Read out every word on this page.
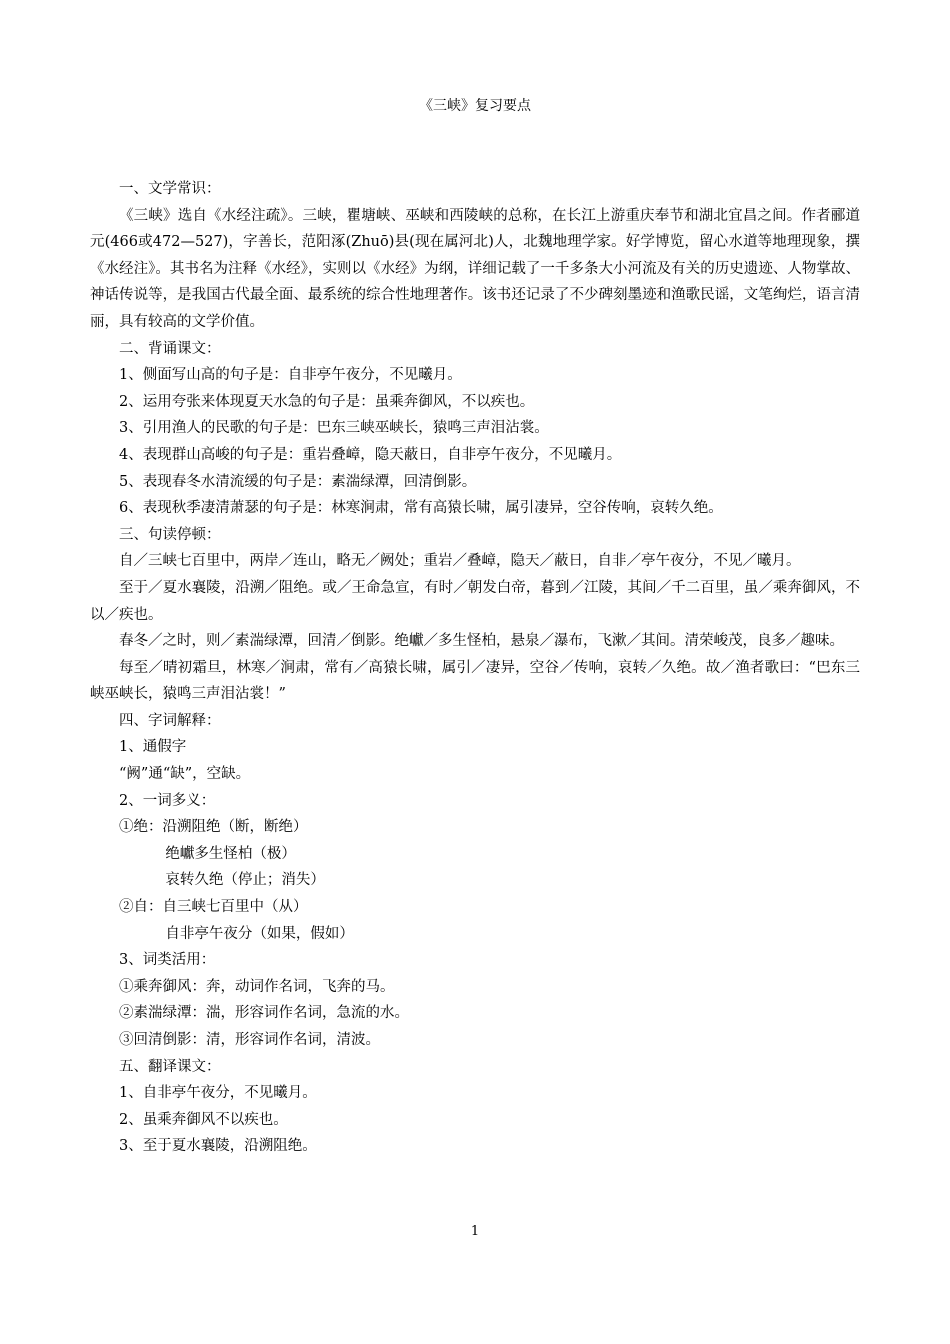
《三峡》复习要点

一、文学常识：

《三峡》选自《水经注疏》。三峡，瞿塘峡、巫峡和西陵峡的总称，在长江上游重庆奉节和湖北宜昌之间。作者郦道元(466或472—527)，字善长，范阳涿(Zhuō)县(现在属河北)人，北魏地理学家。好学博览，留心水道等地理现象，撰《水经注》。其书名为注释《水经》，实则以《水经》为纲，详细记载了一千多条大小河流及有关的历史遗迹、人物掌故、神话传说等，是我国古代最全面、最系统的综合性地理著作。该书还记录了不少碑刻墨迹和渔歌民谣，文笔绚烂，语言清丽，具有较高的文学价值。

二、背诵课文：

1、侧面写山高的句子是：自非亭午夜分，不见曦月。

2、运用夸张来体现夏天水急的句子是：虽乘奔御风，不以疾也。

3、引用渔人的民歌的句子是：巴东三峡巫峡长，猿鸣三声泪沾裳。

4、表现群山高峻的句子是：重岩叠嶂，隐天蔽日，自非亭午夜分，不见曦月。

5、表现春冬水清流缓的句子是：素湍绿潭，回清倒影。

6、表现秋季凄清萧瑟的句子是：林寒涧肃，常有高猿长啸，属引凄异，空谷传响，哀转久绝。

三、句读停顿：

自／三峡七百里中，两岸／连山，略无／阙处；重岩／叠嶂，隐天／蔽日，自非／亭午夜分，不见／曦月。

至于／夏水襄陵，沿溯／阻绝。或／王命急宣，有时／朝发白帝，暮到／江陵，其间／千二百里，虽／乘奔御风，不以／疾也。

春冬／之时，则／素湍绿潭，回清／倒影。绝巘／多生怪柏，悬泉／瀑布，飞漱／其间。清荣峻茂，良多／趣味。

每至／晴初霜旦，林寒／涧肃，常有／高猿长啸，属引／凄异，空谷／传响，哀转／久绝。故／渔者歌曰：“巴东三峡巫峡长，猿鸣三声泪沾裳！”

四、字词解释：

1、通假字

“阙”通“缺”，空缺。

2、一词多义：

①绝：沿溯阻绝（断，断绝）

绝巘多生怪柏（极）

哀转久绝（停止；消失）

②自：自三峡七百里中（从）

自非亭午夜分（如果，假如）

3、词类活用：

①乘奔御风：奔，动词作名词，飞奔的马。

②素湍绿潭：湍，形容词作名词，急流的水。

③回清倒影：清，形容词作名词，清波。

五、翻译课文：

1、自非亭午夜分，不见曦月。

2、虽乘奔御风不以疾也。

3、至于夏水襄陵，沿溯阻绝。

1
